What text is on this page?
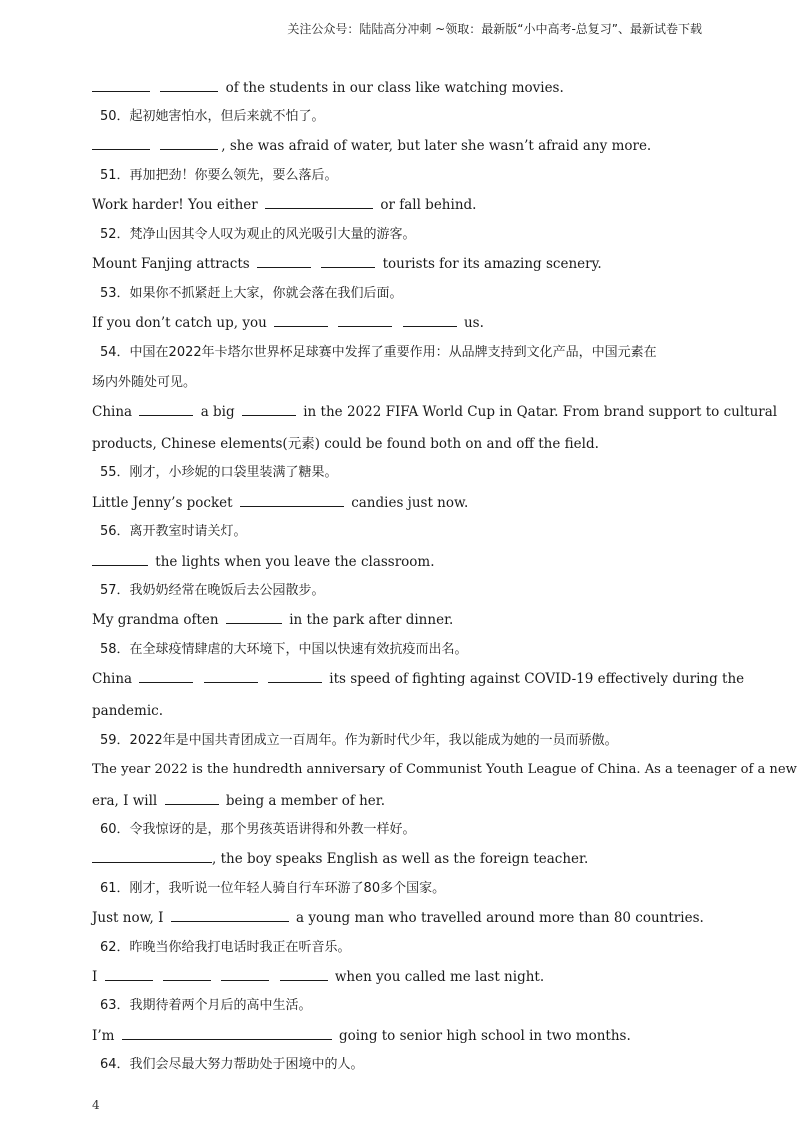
关注公众号：陆陆高分冲刺 ~领取：最新版“小中高考-总复习”、最新试卷下载
of the students in our class like watching movies.
50．起初她害怕水，但后来就不怕了。
, she was afraid of water, but later she wasn’t afraid any more.
51．再加把劲！你要么领先，要么落后。
Work harder! You either	or fall behind.
52．梵净山因其令人叹为观止的风光吸引大量的游客。
Mount Fanjing attracts	tourists for its amazing scenery.
53．如果你不抓紧赶上大家，你就会落在我们后面。
If you don’t catch up, you	us.
54．中国在2022年卡塔尔世界杯足球赛中发挥了重要作用：从品牌支持到文化产品，中国元素在
场内外随处可见。
China	a big	in the 2022 FIFA World Cup in Qatar. From brand support to cultural
products, Chinese elements(元素) could be found both on and off the field.
55．刚才，小珍妮的口袋里装满了糖果。
Little Jenny’s pocket	candies just now.
56．离开教室时请关灯。
the lights when you leave the classroom.
57．我奶奶经常在晚饭后去公园散步。
My grandma often	in the park after dinner.
58．在全球疫情肆虐的大环境下，中国以快速有效抗疫而出名。
China	its speed of fighting against COVID-19 effectively during the
pandemic.
59．2022年是中国共青团成立一百周年。作为新时代少年，我以能成为她的一员而骄傲。
The year 2022 is the hundredth anniversary of Communist Youth League of China. As a teenager of a new
era, I will	being a member of her.
60．令我惊讶的是，那个男孩英语讲得和外教一样好。
, the boy speaks English as well as the foreign teacher.
61．刚才，我听说一位年轻人骑自行车环游了80多个国家。
Just now, I	a young man who travelled around more than 80 countries.
62．昨晚当你给我打电话时我正在听音乐。
I	when you called me last night.
63．我期待着两个月后的高中生活。
I’m	going to senior high school in two months.
64．我们会尽最大努力帮助处于困境中的人。
4
